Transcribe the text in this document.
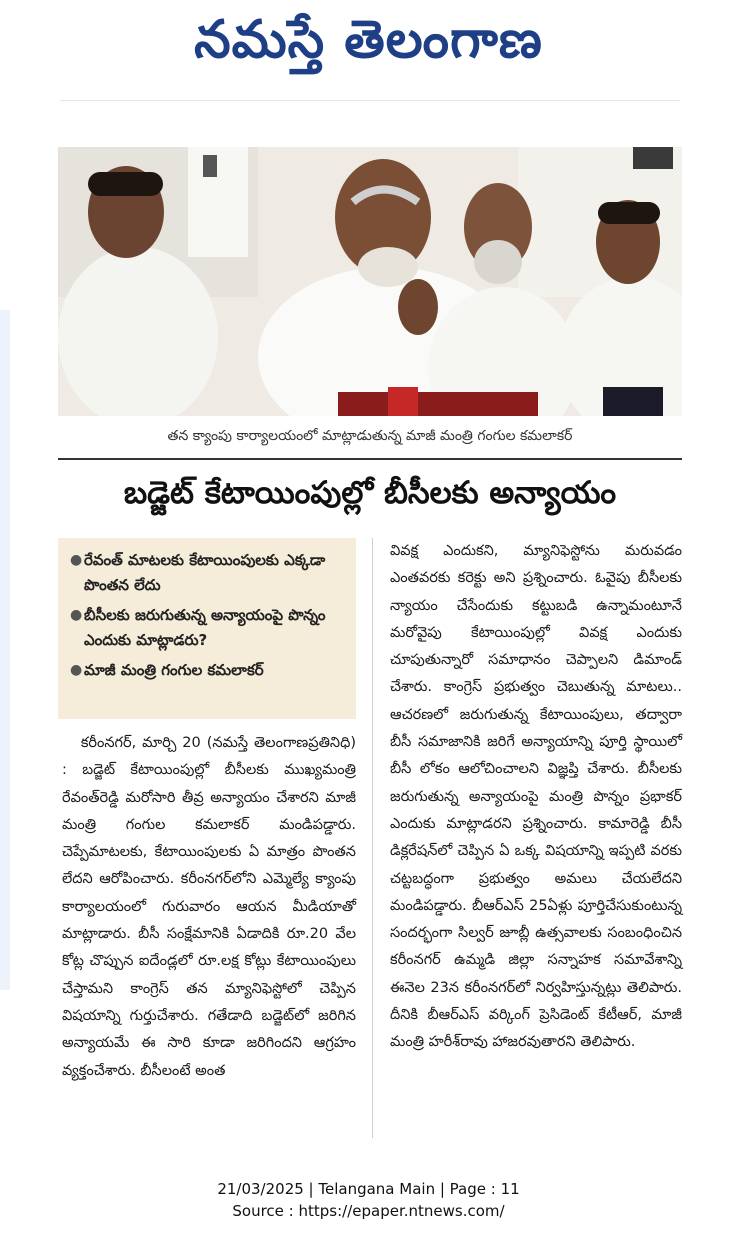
నమస్తే తెలంగాణ
తన క్యాంపు కార్యాలయంలో మాట్లాడుతున్న మాజీ మంత్రి గంగుల కమలాకర్
బడ్జెట్ కేటాయింపుల్లో బీసీలకు అన్యాయం
● రేవంత్ మాటలకు కేటాయింపులకు ఎక్కడా పొంతన లేదు
● బీసీలకు జరుగుతున్న అన్యాయంపై పొన్నం ఎందుకు మాట్లాడరు?
● మాజీ మంత్రి గంగుల కమలాకర్
కరీంనగర్, మార్చి 20 (నమస్తే తెలంగాణప్రతినిధి) : బడ్జెట్ కేటాయింపుల్లో బీసీలకు ముఖ్యమంత్రి రేవంత్‌రెడ్డి మరోసారి తీవ్ర అన్యాయం చేశారని మాజీ మంత్రి గంగుల కమలాకర్ మండిపడ్డారు. చెప్పేమాటలకు, కేటాయింపులకు ఏ మాత్రం పొంతన లేదని ఆరోపించారు. కరీంనగర్‌లోని ఎమ్మెల్యే క్యాంపు కార్యాలయంలో గురువారం ఆయన మీడియాతో మాట్లాడారు. బీసీ సంక్షేమానికి ఏడాదికి రూ.20 వేల కోట్ల చొప్పున ఐదేండ్లలో రూ.లక్ష కోట్లు కేటాయింపులు చేస్తామని కాంగ్రెస్ తన మ్యానిఫెస్టోలో చెప్పిన విషయాన్ని గుర్తుచేశారు. గతేడాది బడ్జెట్‌లో జరిగిన అన్యాయమే ఈ సారి కూడా జరిగిందని ఆగ్రహం వ్యక్తంచేశారు. బీసీలంటే అంత
వివక్ష ఎందుకని, మ్యానిఫెస్టోను మరువడం ఎంతవరకు కరెక్టు అని ప్రశ్నించారు. ఓవైపు బీసీలకు న్యాయం చేసేందుకు కట్టుబడి ఉన్నామంటూనే మరోవైపు కేటాయింపుల్లో వివక్ష ఎందుకు చూపుతున్నారో సమాధానం చెప్పాలని డిమాండ్ చేశారు. కాంగ్రెస్ ప్రభుత్వం చెబుతున్న మాటలు.. ఆచరణలో జరుగుతున్న కేటాయింపులు, తద్వారా బీసీ సమాజానికి జరిగే అన్యాయాన్ని పూర్తి స్థాయిలో బీసీ లోకం ఆలోచించాలని విజ్ఞప్తి చేశారు. బీసీలకు జరుగుతున్న అన్యాయంపై మంత్రి పొన్నం ప్రభాకర్ ఎందుకు మాట్లాడరని ప్రశ్నించారు. కామారెడ్డి బీసీ డిక్లరేషన్‌లో చెప్పిన ఏ ఒక్క విషయాన్ని ఇప్పటి వరకు చట్టబద్ధంగా ప్రభుత్వం అమలు చేయలేదని మండిపడ్డారు. బీఆర్ఎస్ 25ఏళ్లు పూర్తిచేసుకుంటున్న సందర్భంగా సిల్వర్ జూబ్లీ ఉత్సవాలకు సంబంధించిన కరీంనగర్ ఉమ్మడి జిల్లా సన్నాహక సమావేశాన్ని ఈనెల 23న కరీంనగర్‌లో నిర్వహిస్తున్నట్లు తెలిపారు. దీనికి బీఆర్ఎస్ వర్కింగ్ ప్రెసిడెంట్ కేటీఆర్, మాజీ మంత్రి హరీశ్‌రావు హాజరవుతారని తెలిపారు.
21/03/2025 | Telangana Main | Page : 11
Source : https://epaper.ntnews.com/
